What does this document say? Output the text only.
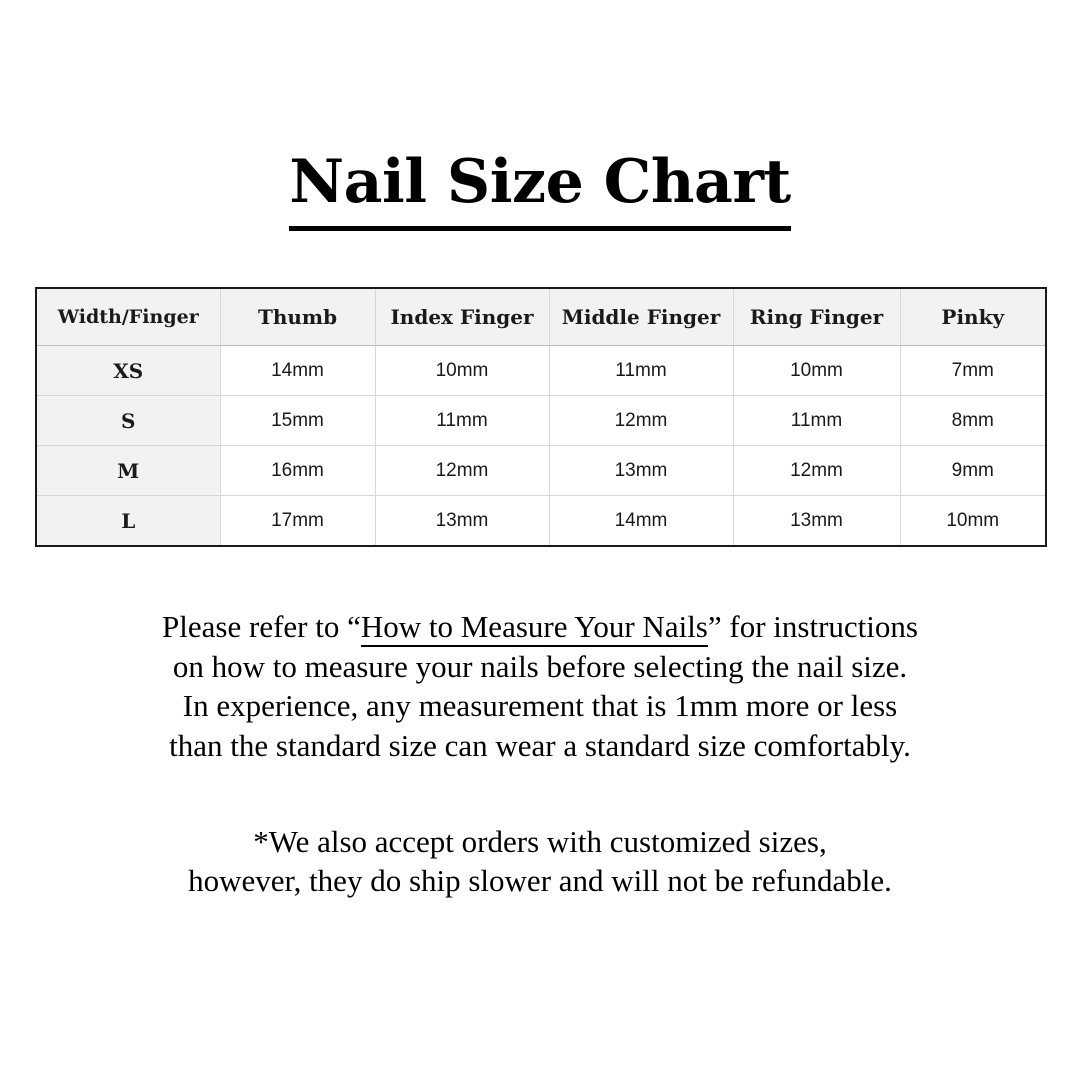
Nail Size Chart
Width/Finger	Thumb	Index Finger	Middle Finger	Ring Finger	Pinky
XS	14mm	10mm	11mm	10mm	7mm
S	15mm	11mm	12mm	11mm	8mm
M	16mm	12mm	13mm	12mm	9mm
L	17mm	13mm	14mm	13mm	10mm
Please refer to “How to Measure Your Nails” for instructions
on how to measure your nails before selecting the nail size.
In experience, any measurement that is 1mm more or less
than the standard size can wear a standard size comfortably.
*We also accept orders with customized sizes,
however, they do ship slower and will not be refundable.
